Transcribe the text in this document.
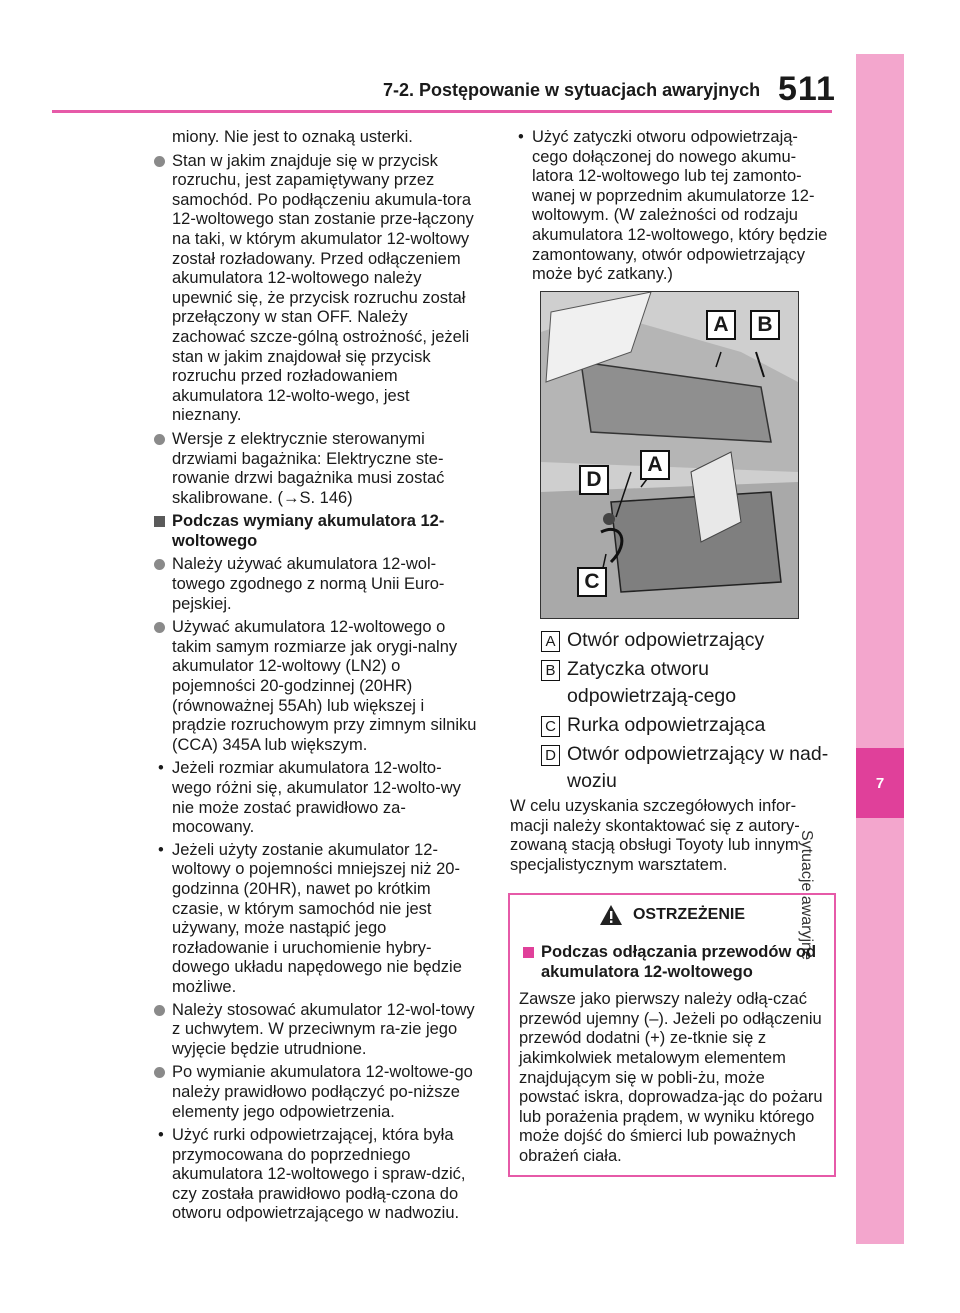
7-2. Postępowanie w sytuacjach awaryjnych 511
7
Sytuacje awaryjne
miony. Nie jest to oznaką usterki.
Stan w jakim znajduje się w przycisk rozruchu, jest zapamiętywany przez samochód. Po podłączeniu akumula-tora 12-woltowego stan zostanie prze-łączony na taki, w którym akumulator 12-woltowy został rozładowany. Przed odłączeniem akumulatora 12-woltowego należy upewnić się, że przycisk rozruchu został przełączony w stan OFF. Należy zachować szcze-gólną ostrożność, jeżeli stan w jakim znajdował się przycisk rozruchu przed rozładowaniem akumulatora 12-wolto-wego, jest nieznany.
Wersje z elektrycznie sterowanymi drzwiami bagażnika: Elektryczne ste-rowanie drzwi bagażnika musi zostać skalibrowane. (→S. 146)
Podczas wymiany akumulatora 12-woltowego
Należy używać akumulatora 12-wol-towego zgodnego z normą Unii Euro-pejskiej.
Używać akumulatora 12-woltowego o takim samym rozmiarze jak orygi-nalny akumulator 12-woltowy (LN2) o pojemności 20-godzinnej (20HR) (równoważnej 55Ah) lub większej i prądzie rozruchowym przy zimnym silniku (CCA) 345A lub większym.
• Jeżeli rozmiar akumulatora 12-wolto-wego różni się, akumulator 12-wolto-wy nie może zostać prawidłowo za-mocowany.
• Jeżeli użyty zostanie akumulator 12-woltowy o pojemności mniejszej niż 20-godzinna (20HR), nawet po krótkim czasie, w którym samochód nie jest używany, może nastąpić jego rozładowanie i uruchomienie hybry-dowego układu napędowego nie będzie możliwe.
Należy stosować akumulator 12-wol-towy z uchwytem. W przeciwnym ra-zie jego wyjęcie będzie utrudnione.
Po wymianie akumulatora 12-woltowe-go należy prawidłowo podłączyć po-niższe elementy jego odpowietrzenia.
• Użyć rurki odpowietrzającej, która była przymocowana do poprzedniego akumulatora 12-woltowego i spraw-dzić, czy została prawidłowo podłą-czona do otworu odpowietrzającego w nadwoziu.
• Użyć zatyczki otworu odpowietrzają-cego dołączonej do nowego akumu-latora 12-woltowego lub tej zamonto-wanej w poprzednim akumulatorze 12-woltowym. (W zależności od rodzaju akumulatora 12-woltowego, który będzie zamontowany, otwór odpowietrzający może być zatkany.)
A	B
A
D
C
A Otwór odpowietrzający
B Zatyczka otworu odpowietrzają-cego
C Rurka odpowietrzająca
D Otwór odpowietrzający w nad-woziu
W celu uzyskania szczegółowych infor-macji należy skontaktować się z autory-zowaną stacją obsługi Toyoty lub innym specjalistycznym warsztatem.
OSTRZEŻENIE
Podczas odłączania przewodów od akumulatora 12-woltowego
Zawsze jako pierwszy należy odłą-czać przewód ujemny (–). Jeżeli po odłączeniu przewód dodatni (+) ze-tknie się z jakimkolwiek metalowym elementem znajdującym się w pobli-żu, może powstać iskra, doprowadza-jąc do pożaru lub porażenia prądem, w wyniku którego może dojść do śmierci lub poważnych obrażeń ciała.
